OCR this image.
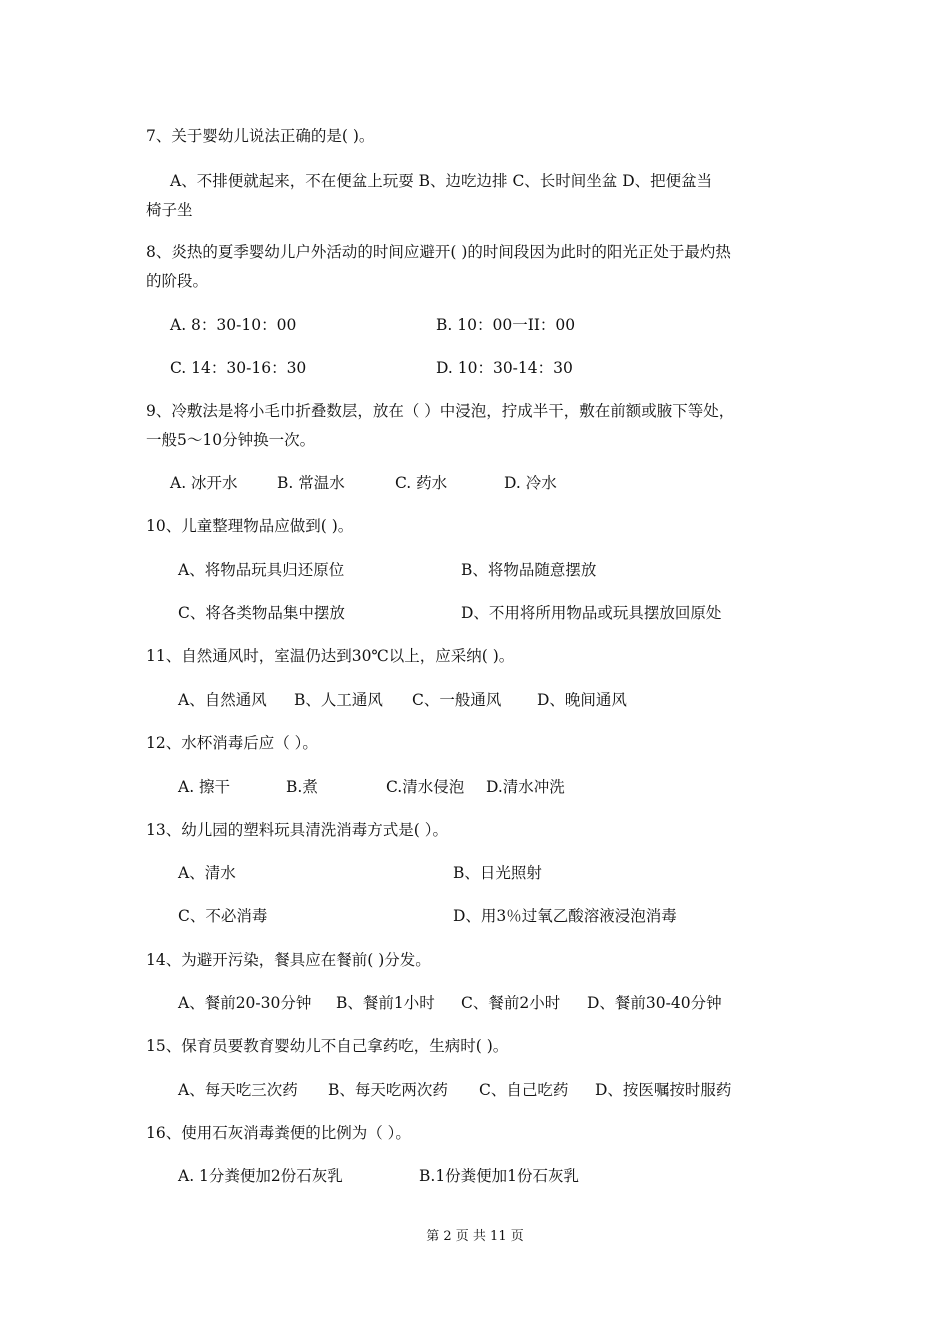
7、关于婴幼儿说法正确的是( )。
A、不排便就起来，不在便盆上玩耍 B、边吃边排 C、长时间坐盆 D、把便盆当
椅子坐
8、炎热的夏季婴幼儿户外活动的时间应避开( )的时间段因为此时的阳光正处于最灼热
的阶段。
A. 8：30-10：00	B. 10：00一II：00
C. 14：30-16：30	D. 10：30-14：30
9、冷敷法是将小毛巾折叠数层，放在（ ）中浸泡，拧成半干，敷在前额或腋下等处，
一般5～10分钟换一次。
A. 冰开水	B. 常温水	C. 药水	D. 冷水
10、儿童整理物品应做到( )。
A、将物品玩具归还原位	B、将物品随意摆放
C、将各类物品集中摆放	D、不用将所用物品或玩具摆放回原处
11、自然通风时，室温仍达到30℃以上，应采纳( )。
A、自然通风 B、人工通风 C、一般通风 D、晚间通风
12、水杯消毒后应（ ）。
A. 擦干	B.煮	C.清水侵泡 D.清水冲洗
13、幼儿园的塑料玩具清洗消毒方式是( ）。
A、清水	B、日光照射
C、不必消毒	D、用3％过氧乙酸溶液浸泡消毒
14、为避开污染，餐具应在餐前( )分发。
A、餐前20-30分钟 B、餐前1小时 C、餐前2小时 D、餐前30-40分钟
15、保育员要教育婴幼儿不自己拿药吃，生病时( )。
A、每天吃三次药 B、每天吃两次药 C、自己吃药 D、按医嘱按时服药
16、使用石灰消毒粪便的比例为（ ）。
A. 1分粪便加2份石灰乳	B.1份粪便加1份石灰乳
第 2 页 共 11 页
